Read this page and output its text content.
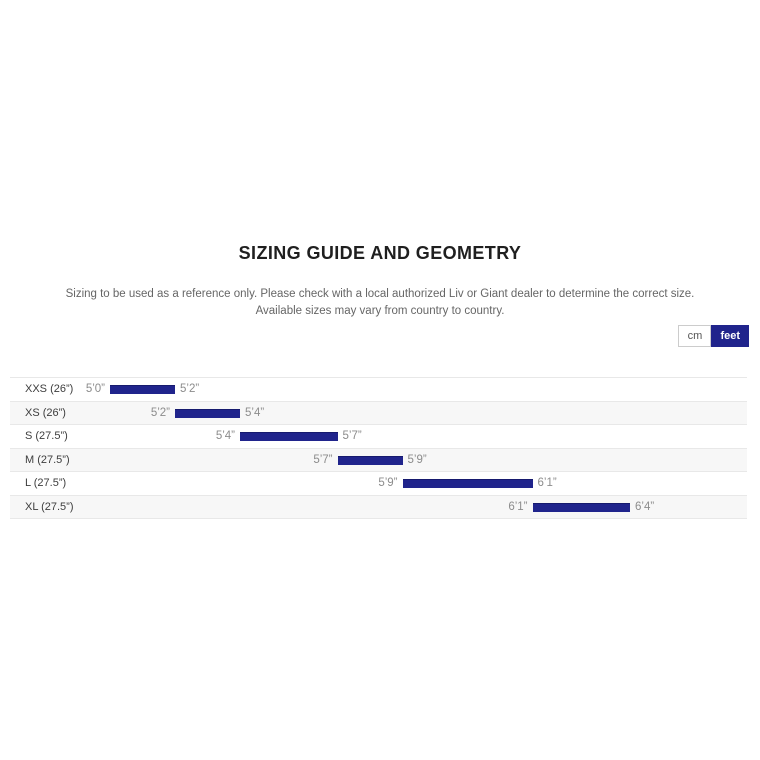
SIZING GUIDE AND GEOMETRY
Sizing to be used as a reference only. Please check with a local authorized Liv or Giant dealer to determine the correct size.
Available sizes may vary from country to country.
cm	feet
XXS (26”) 5’0”	5’2”
XS (26”)	5’2”	5’4”
S (27.5”)	5’4”	5’7”
M (27.5”)	5’7”	5’9”
L (27.5”)	5’9”	6’1”
XL (27.5”)	6’1”	6’4”
